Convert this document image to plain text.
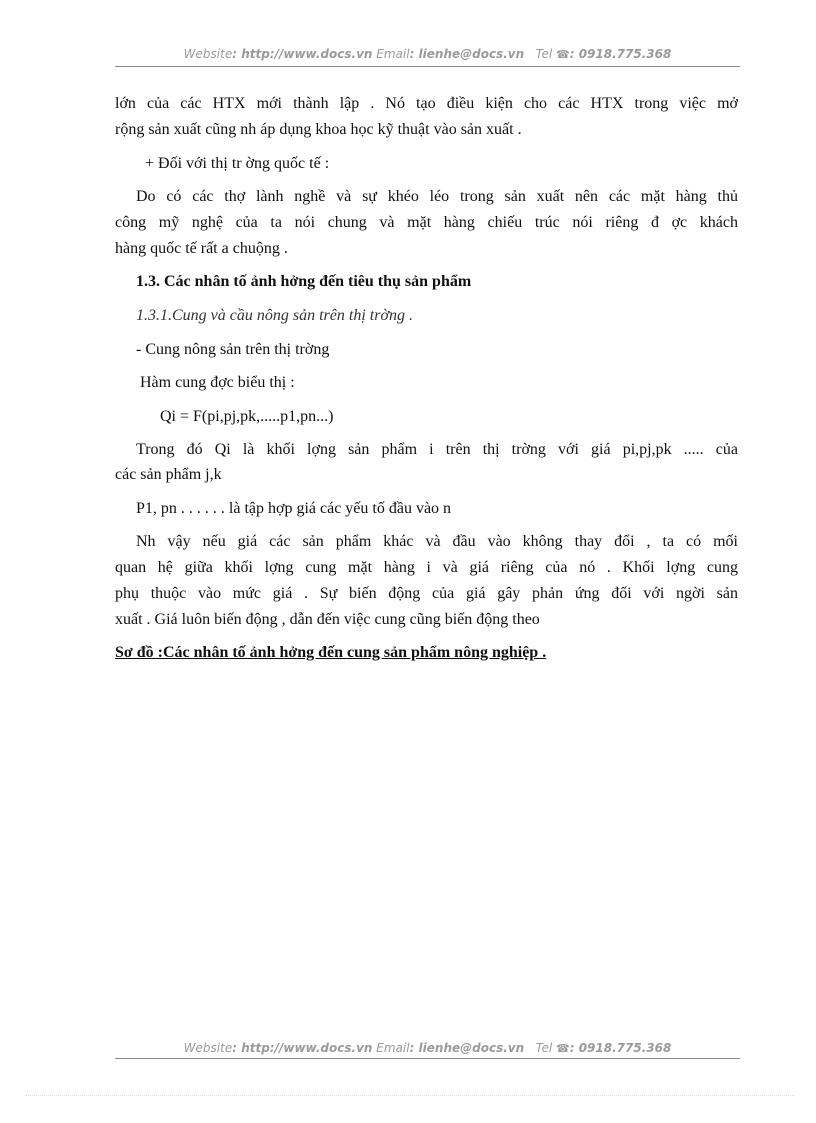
Website: http://www.docs.vn Email: lienhe@docs.vn Tel ☎: 0918.775.368
lớn của các HTX mới thành lập . Nó tạo điều kiện cho các HTX trong việc mở
rộng sản xuất cũng nh áp dụng khoa học kỹ thuật vào sản xuất .
+ Đối với thị tr ờng quốc tế :
Do có các thợ lành nghề và sự khéo léo trong sản xuất nên các mặt hàng thủ
công mỹ nghệ của ta nói chung và mặt hàng chiếu trúc nói riêng đ ợc khách
hàng quốc tế rất a chuộng .
1.3. Các nhân tố ảnh hởng đến tiêu thụ sản phẩm
1.3.1.Cung và cầu nông sản trên thị trờng .
- Cung nông sản trên thị trờng
Hàm cung đợc biểu thị :
Qi = F(pi,pj,pk,.....p1,pn...)
Trong đó Qi là khối lợng sản phẩm i trên thị trờng với giá pi,pj,pk ..... của
các sản phẩm j,k
P1, pn . . . . . . là tập hợp giá các yếu tố đầu vào n
Nh vậy nếu giá các sản phẩm khác và đầu vào không thay đổi , ta có mối
quan hệ giữa khối lợng cung mặt hàng i và giá riêng của nó . Khối lợng cung
phụ thuộc vào mức giá . Sự biến động của giá gây phản ứng đối với ngời sản
xuất . Giá luôn biến động , dẫn đến việc cung cũng biến động theo
Sơ đồ :Các nhân tố ảnh hởng đến cung sản phẩm nông nghiệp .
Website: http://www.docs.vn Email: lienhe@docs.vn Tel ☎: 0918.775.368
